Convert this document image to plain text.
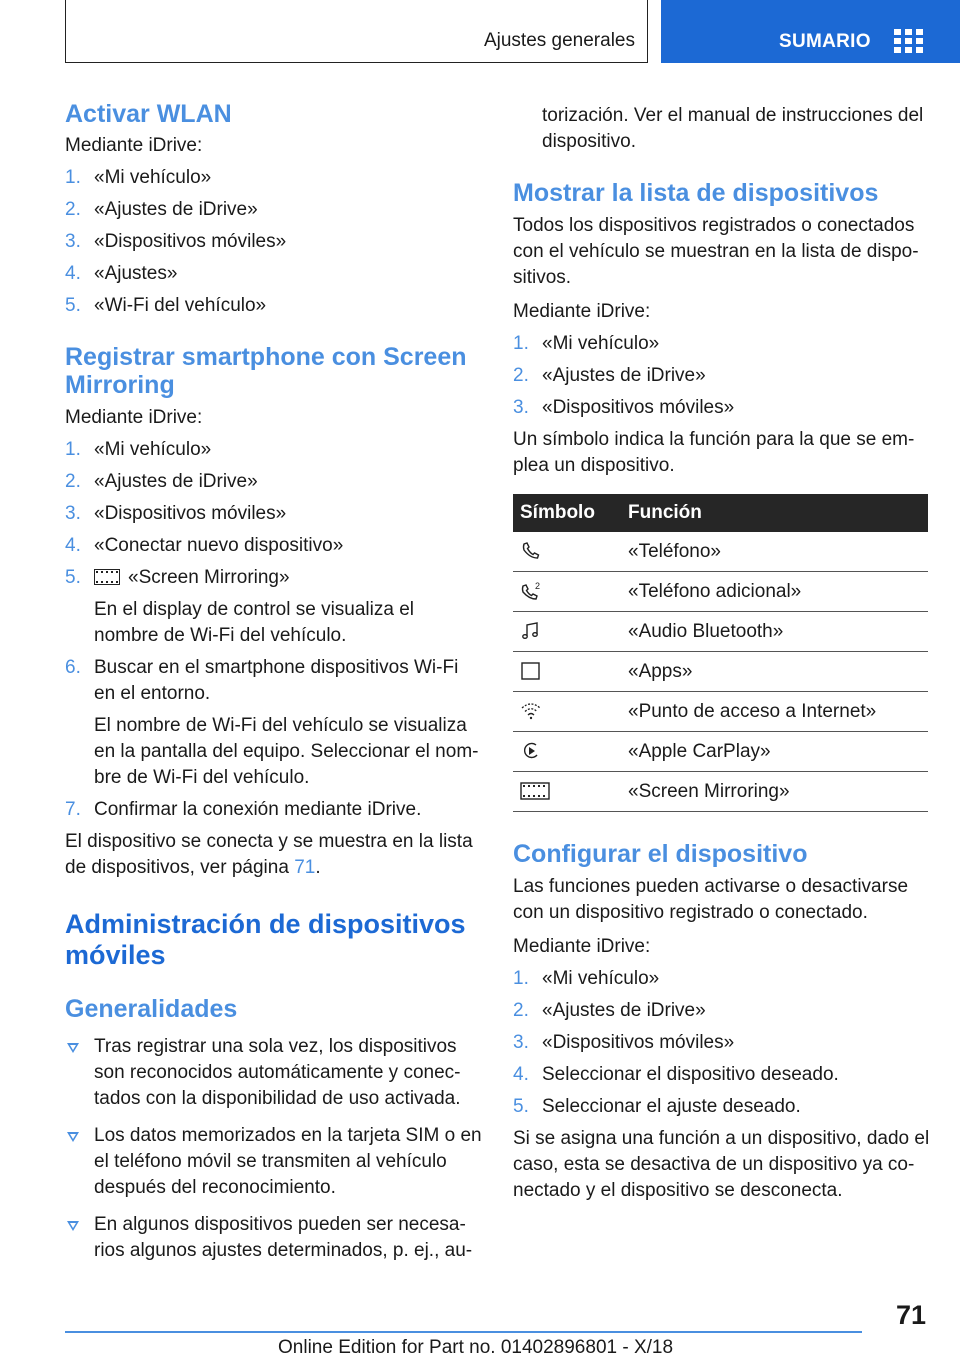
Ajustes generales	SUMARIO
Activar WLAN

Mediante iDrive:

1. «Mi vehículo»
2. «Ajustes de iDrive»
3. «Dispositivos móviles»
4. «Ajustes»
5. «Wi-Fi del vehículo»
Registrar smartphone con Screen Mirroring

Mediante iDrive:

1. «Mi vehículo»
2. «Ajustes de iDrive»
3. «Dispositivos móviles»
4. «Conectar nuevo dispositivo»
5. «Screen Mirroring»
En el display de control se visualiza el nombre de Wi-Fi del vehículo.
6. Buscar en el smartphone dispositivos Wi-Fi en el entorno.
El nombre de Wi-Fi del vehículo se visualiza en la pantalla del equipo. Seleccionar el nom‐bre de Wi-Fi del vehículo.
7. Confirmar la conexión mediante iDrive.

El dispositivo se conecta y se muestra en la lista de dispositivos, ver página 71.

Administración de dispositivos móviles
Generalidades
Tras registrar una sola vez, los dispositivos son reconocidos automáticamente y conec‐tados con la disponibilidad de uso activada.
Los datos memorizados en la tarjeta SIM o en el teléfono móvil se transmiten al vehículo después del reconocimiento.
En algunos dispositivos pueden ser necesa‐rios algunos ajustes determinados, p. ej., au‐

torización. Ver el manual de instrucciones del dispositivo.

Mostrar la lista de dispositivos

Todos los dispositivos registrados o conectados con el vehículo se muestran en la lista de dispo‐sitivos.

Mediante iDrive:

1. «Mi vehículo»
2. «Ajustes de iDrive»
3. «Dispositivos móviles»

Un símbolo indica la función para la que se em‐plea un dispositivo.

Símbolo	Función

	«Teléfono»

2	«Teléfono adicional»

	«Audio Bluetooth»

	«Apps»

	«Punto de acceso a Internet»

	«Apple CarPlay»

	«Screen Mirroring»
Configurar el dispositivo

Las funciones pueden activarse o desactivarse con un dispositivo registrado o conectado.

Mediante iDrive:

1. «Mi vehículo»
2. «Ajustes de iDrive»
3. «Dispositivos móviles»
4. Seleccionar el dispositivo deseado.
5. Seleccionar el ajuste deseado.

Si se asigna una función a un dispositivo, dado el caso, esta se desactiva de un dispositivo ya co‐nectado y el dispositivo se desconecta.

71
Online Edition for Part no. 01402896801 - X/18
